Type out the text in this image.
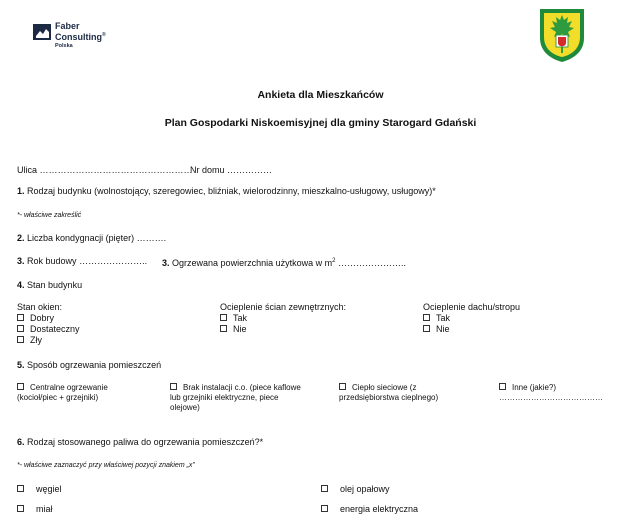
Faber
Consulting®
Polska
Ankieta dla Mieszkańców
Plan Gospodarki Niskoemisyjnej dla gminy Starogard Gdański
Ulica ……………………………………………
Nr domu ……………
1. Rodzaj budynku (wolnostojący, szeregowiec, bliźniak, wielorodzinny, mieszkalno-usługowy, usługowy)*
*- właściwe zakreślić
2. Liczba kondygnacji (pięter) ……….
3. Rok budowy ………………….. 3. Ogrzewana powierzchnia użytkowa w $m^2$ …………………..
4. Stan budynku
Stan okien:
Dobry
Dostateczny
Zły
Ocieplenie ścian zewnętrznych:
Tak
Nie
Ocieplenie dachu/stropu
Tak
Nie
5. Sposób ogrzewania pomieszczeń
Centralne ogrzewanie
(kocioł/piec + grzejniki)
Brak instalacji c.o. (piece kaflowe
lub grzejniki elektryczne, piece
olejowe)
Ciepło sieciowe (z
przedsiębiorstwa cieplnego)
Inne (jakie?)
…………………………………
6. Rodzaj stosowanego paliwa do ogrzewania pomieszczeń?*
*- właściwe zaznaczyć przy właściwej pozycji znakiem „x”
węgiel	olej opałowy
miał	energia elektryczna
